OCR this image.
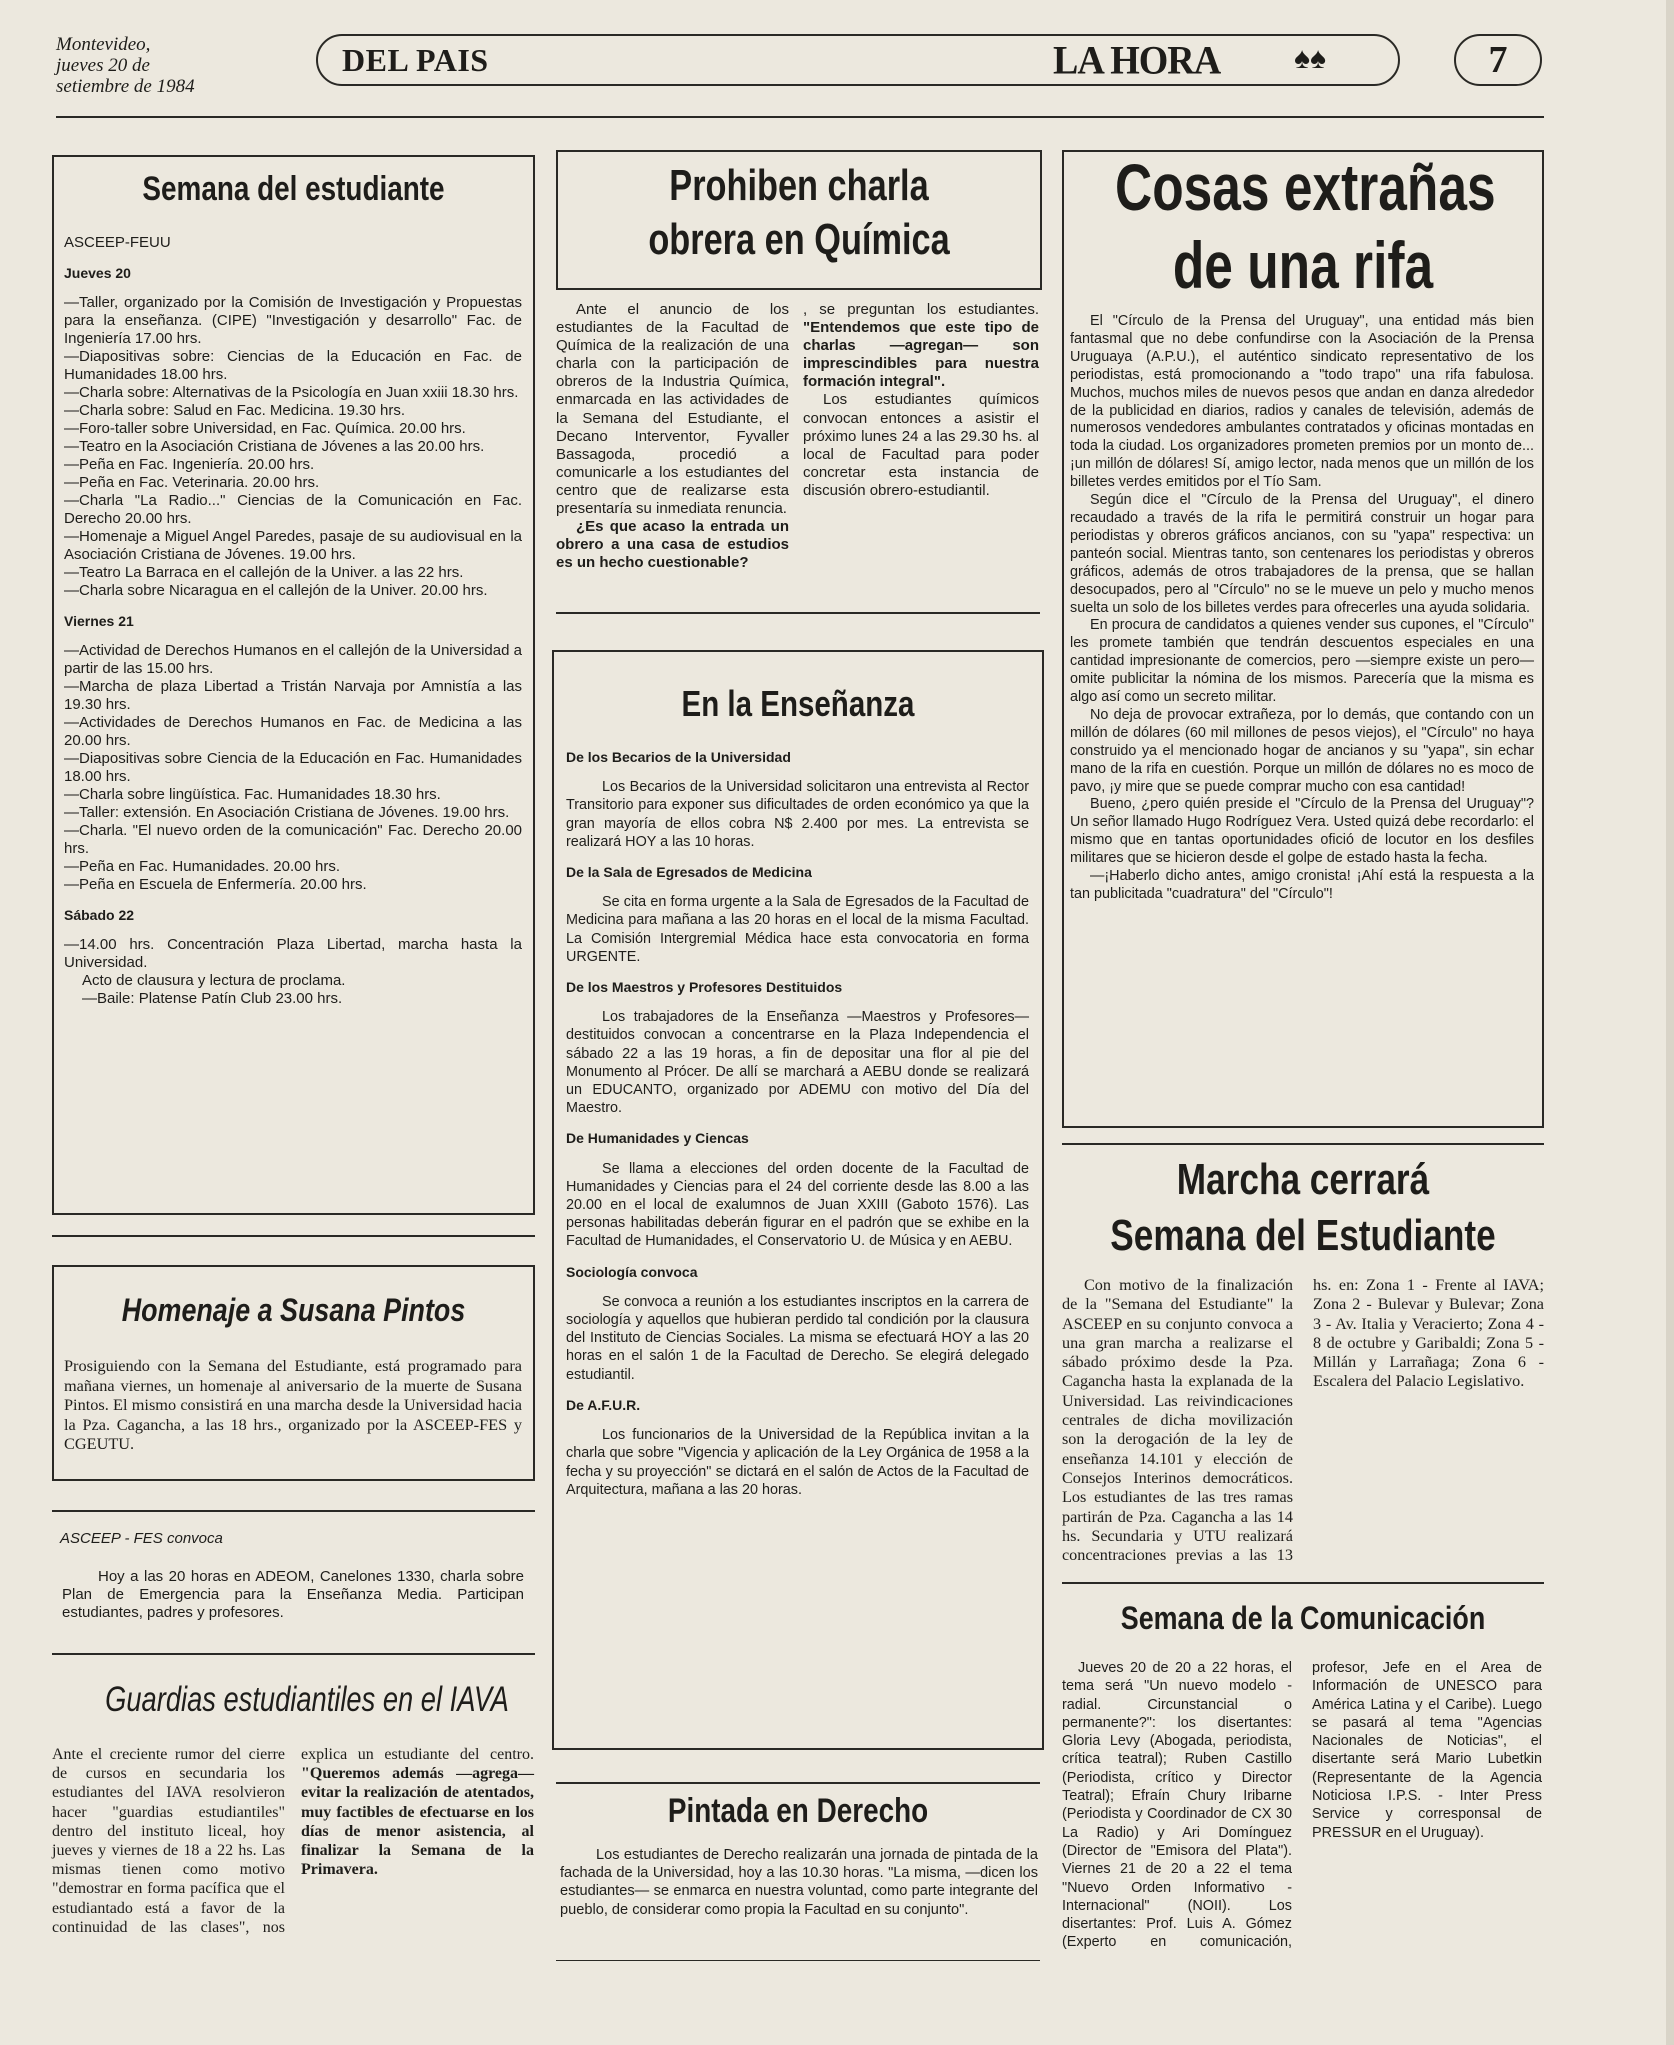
Montevideo,
jueves 20 de
setiembre de 1984
DEL PAIS	LA HORA ♠♠	7
Semana del estudiante

ASCEEP-FEUU

Jueves 20

—Taller, organizado por la Comisión de Investigación y Propuestas para la enseñanza. (CIPE) "Investigación y desarrollo" Fac. de Ingeniería 17.00 hrs.

—Diapositivas sobre: Ciencias de la Educación en Fac. de Humanidades 18.00 hrs.

—Charla sobre: Alternativas de la Psicología en Juan xxiii 18.30 hrs.

—Charla sobre: Salud en Fac. Medicina. 19.30 hrs.

—Foro-taller sobre Universidad, en Fac. Química. 20.00 hrs.

—Teatro en la Asociación Cristiana de Jóvenes a las 20.00 hrs.

—Peña en Fac. Ingeniería. 20.00 hrs.

—Peña en Fac. Veterinaria. 20.00 hrs.

—Charla "La Radio..." Ciencias de la Comunicación en Fac. Derecho 20.00 hrs.

—Homenaje a Miguel Angel Paredes, pasaje de su audiovisual en la Asociación Cristiana de Jóvenes. 19.00 hrs.

—Teatro La Barraca en el callejón de la Univer. a las 22 hrs.

—Charla sobre Nicaragua en el callejón de la Univer. 20.00 hrs.

Viernes 21

—Actividad de Derechos Humanos en el callejón de la Universidad a partir de las 15.00 hrs.

—Marcha de plaza Libertad a Tristán Narvaja por Amnistía a las 19.30 hrs.

—Actividades de Derechos Humanos en Fac. de Medicina a las 20.00 hrs.

—Diapositivas sobre Ciencia de la Educación en Fac. Humanidades 18.00 hrs.

—Charla sobre lingüística. Fac. Humanidades 18.30 hrs.

—Taller: extensión. En Asociación Cristiana de Jóvenes. 19.00 hrs.

—Charla. "El nuevo orden de la comunicación" Fac. Derecho 20.00 hrs.

—Peña en Fac. Humanidades. 20.00 hrs.

—Peña en Escuela de Enfermería. 20.00 hrs.

Sábado 22

—14.00 hrs. Concentración Plaza Libertad, marcha hasta la Universidad.

Acto de clausura y lectura de proclama.

—Baile: Platense Patín Club 23.00 hrs.

Homenaje a Susana Pintos
Prosiguiendo con la Semana del Estudiante, está programado para mañana viernes, un homenaje al aniversario de la muerte de Susana Pintos. El mismo consistirá en una marcha desde la Universidad hacia la Pza. Cagancha, a las 18 hrs., organizado por la ASCEEP-FES y CGEUTU.
ASCEEP - FES convoca
Hoy a las 20 horas en ADEOM, Canelones 1330, charla sobre Plan de Emergencia para la Enseñanza Media. Participan estudiantes, padres y profesores.
Guardias estudiantiles en el IAVA
Ante el creciente rumor del cierre de cursos en secundaria los estudiantes del IAVA resolvieron hacer "guardias estudiantiles" dentro del instituto liceal, hoy jueves y viernes de 18 a 22 hs. Las mismas tienen como motivo "demostrar en forma pacífica que el estudiantado está a favor de la continuidad de las clases", nos explica un estudiante del centro. "Queremos además —agrega— evitar la realización de atentados, muy factibles de efectuarse en los días de menor asistencia, al finalizar la Semana de la Primavera.
Prohiben charla
obrera en Química

Ante el anuncio de los estudiantes de la Facultad de Química de la realización de una charla con la participación de obreros de la Industria Química, enmarcada en las actividades de la Semana del Estudiante, el Decano Interventor, Fyvaller Bassagoda, procedió a comunicarle a los estudiantes del centro que de realizarse esta presentaría su inmediata renuncia.

¿Es que acaso la entrada un obrero a una casa de estudios es un hecho cuestionable?

, se preguntan los estudiantes. "Entendemos que este tipo de charlas —agregan— son imprescindibles para nuestra formación integral".

Los estudiantes químicos convocan entonces a asistir el próximo lunes 24 a las 29.30 hs. al local de Facultad para poder concretar esta instancia de discusión obrero-estudiantil.

En la Enseñanza

De los Becarios de la Universidad

Los Becarios de la Universidad solicitaron una entrevista al Rector Transitorio para exponer sus dificultades de orden económico ya que la gran mayoría de ellos cobra N$ 2.400 por mes. La entrevista se realizará HOY a las 10 horas.

De la Sala de Egresados de Medicina

Se cita en forma urgente a la Sala de Egresados de la Facultad de Medicina para mañana a las 20 horas en el local de la misma Facultad. La Comisión Intergremial Médica hace esta convocatoria en forma URGENTE.

De los Maestros y Profesores Destituidos

Los trabajadores de la Enseñanza —Maestros y Profesores— destituidos convocan a concentrarse en la Plaza Independencia el sábado 22 a las 19 horas, a fin de depositar una flor al pie del Monumento al Prócer. De allí se marchará a AEBU donde se realizará un EDUCANTO, organizado por ADEMU con motivo del Día del Maestro.

De Humanidades y Ciencas

Se llama a elecciones del orden docente de la Facultad de Humanidades y Ciencias para el 24 del corriente desde las 8.00 a las 20.00 en el local de exalumnos de Juan XXIII (Gaboto 1576). Las personas habilitadas deberán figurar en el padrón que se exhibe en la Facultad de Humanidades, el Conservatorio U. de Música y en AEBU.

Sociología convoca

Se convoca a reunión a los estudiantes inscriptos en la carrera de sociología y aquellos que hubieran perdido tal condición por la clausura del Instituto de Ciencias Sociales. La misma se efectuará HOY a las 20 horas en el salón 1 de la Facultad de Derecho. Se elegirá delegado estudiantil.

De A.F.U.R.

Los funcionarios de la Universidad de la República invitan a la charla que sobre "Vigencia y aplicación de la Ley Orgánica de 1958 a la fecha y su proyección" se dictará en el salón de Actos de la Facultad de Arquitectura, mañana a las 20 horas.

Pintada en Derecho
Los estudiantes de Derecho realizarán una jornada de pintada de la fachada de la Universidad, hoy a las 10.30 horas. "La misma, —dicen los estudiantes— se enmarca en nuestra voluntad, como parte integrante del pueblo, de considerar como propia la Facultad en su conjunto".
Cosas extrañas
de una rifa

El "Círculo de la Prensa del Uruguay", una entidad más bien fantasmal que no debe confundirse con la Asociación de la Prensa Uruguaya (A.P.U.), el auténtico sindicato representativo de los periodistas, está promocionando a "todo trapo" una rifa fabulosa. Muchos, muchos miles de nuevos pesos que andan en danza alrededor de la publicidad en diarios, radios y canales de televisión, además de numerosos vendedores ambulantes contratados y oficinas montadas en toda la ciudad. Los organizadores prometen premios por un monto de... ¡un millón de dólares! Sí, amigo lector, nada menos que un millón de los billetes verdes emitidos por el Tío Sam.

Según dice el "Círculo de la Prensa del Uruguay", el dinero recaudado a través de la rifa le permitirá construir un hogar para periodistas y obreros gráficos ancianos, con su "yapa" respectiva: un panteón social. Mientras tanto, son centenares los periodistas y obreros gráficos, además de otros trabajadores de la prensa, que se hallan desocupados, pero al "Círculo" no se le mueve un pelo y mucho menos suelta un solo de los billetes verdes para ofrecerles una ayuda solidaria.

En procura de candidatos a quienes vender sus cupones, el "Círculo" les promete también que tendrán descuentos especiales en una cantidad impresionante de comercios, pero —siempre existe un pero— omite publicitar la nómina de los mismos. Parecería que la misma es algo así como un secreto militar.

No deja de provocar extrañeza, por lo demás, que contando con un millón de dólares (60 mil millones de pesos viejos), el "Círculo" no haya construido ya el mencionado hogar de ancianos y su "yapa", sin echar mano de la rifa en cuestión. Porque un millón de dólares no es moco de pavo, ¡y mire que se puede comprar mucho con esa cantidad!

Bueno, ¿pero quién preside el "Círculo de la Prensa del Uruguay"? Un señor llamado Hugo Rodríguez Vera. Usted quizá debe recordarlo: el mismo que en tantas oportunidades ofició de locutor en los desfiles militares que se hicieron desde el golpe de estado hasta la fecha.

—¡Haberlo dicho antes, amigo cronista! ¡Ahí está la respuesta a la tan publicitada "cuadratura" del "Círculo"!

Marcha cerrará
Semana del Estudiante
Con motivo de la finalización de la "Semana del Estudiante" la ASCEEP en su conjunto convoca a una gran marcha a realizarse el sábado próximo desde la Pza. Cagancha hasta la explanada de la Universidad. Las reivindicaciones centrales de dicha movilización son la derogación de la ley de enseñanza 14.101 y elección de Consejos Interinos democráticos. Los estudiantes de las tres ramas partirán de Pza. Cagancha a las 14 hs. Secundaria y UTU realizará concentraciones previas a las 13 hs. en: Zona 1 - Frente al IAVA; Zona 2 - Bulevar y Bulevar; Zona 3 - Av. Italia y Veracierto; Zona 4 - 8 de octubre y Garibaldi; Zona 5 - Millán y Larrañaga; Zona 6 - Escalera del Palacio Legislativo.
Semana de la Comunicación
Jueves 20 de 20 a 22 horas, el tema será "Un nuevo modelo - radial. Circunstancial o permanente?": los disertantes: Gloria Levy (Abogada, periodista, crítica teatral); Ruben Castillo (Periodista, crítico y Director Teatral); Efraín Chury Iribarne (Periodista y Coordinador de CX 30 La Radio) y Ari Domínguez (Director de "Emisora del Plata"). Viernes 21 de 20 a 22 el tema "Nuevo Orden Informativo - Internacional" (NOII). Los disertantes: Prof. Luis A. Gómez (Experto en comunicación, profesor, Jefe en el Area de Información de UNESCO para América Latina y el Caribe). Luego se pasará al tema "Agencias Nacionales de Noticias", el disertante será Mario Lubetkin (Representante de la Agencia Noticiosa I.P.S. - Inter Press Service y corresponsal de PRESSUR en el Uruguay).
